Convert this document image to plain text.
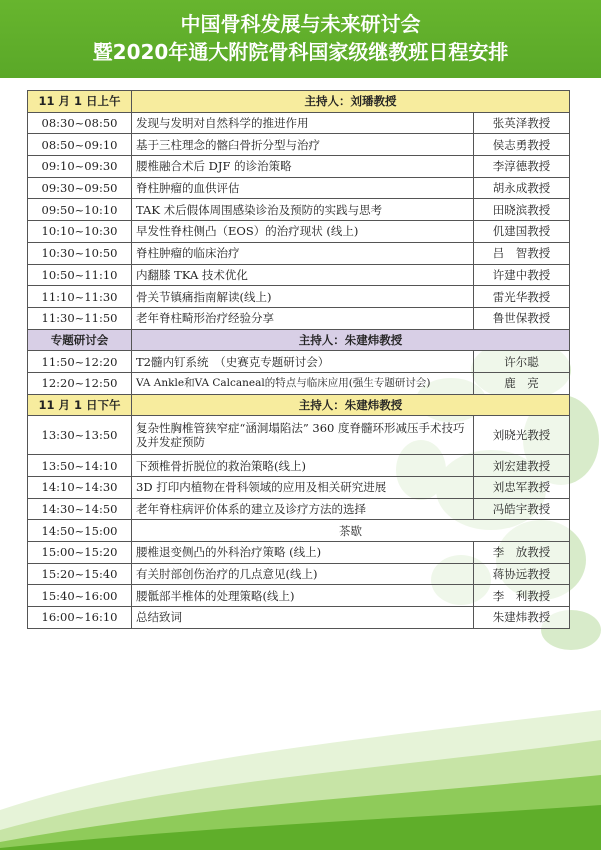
中国骨科发展与未来研讨会
暨2020年通大附院骨科国家级继教班日程安排
11 月 1 日上午	主持人：刘璠教授	
08:30~08:50	发现与发明对自然科学的推进作用	张英泽教授
08:50~09:10	基于三柱理念的髂臼骨折分型与治疗	侯志勇教授
09:10~09:30	腰椎融合术后 DJF 的诊治策略	李淳德教授
09:30~09:50	脊柱肿瘤的血供评估	胡永成教授
09:50~10:10	TAK 术后假体周围感染诊治及预防的实践与思考	田晓滨教授
10:10~10:30	早发性脊柱侧凸（EOS）的治疗现状 (线上)	仉建国教授
10:30~10:50	脊柱肿瘤的临床治疗	吕　智教授
10:50~11:10	内翻膝 TKA 技术优化	许建中教授
11:10~11:30	骨关节镇痛指南解读(线上)	雷光华教授
11:30~11:50	老年脊柱畸形治疗经验分享	鲁世保教授
专题研讨会	主持人：朱建炜教授	
11:50~12:20	T2髓内钉系统　（史赛克专题研讨会）	许尔聪
12:20~12:50	VA Ankle和VA Calcaneal的特点与临床应用(强生专题研讨会)	鹿　亮
11 月 1 日下午	主持人：朱建炜教授	
13:30~13:50	复杂性胸椎管狭窄症“涵洞塌陷法” 360 度脊髓环形减压手术技巧及并发症预防	刘晓光教授
13:50~14:10	下颈椎骨折脱位的救治策略(线上)	刘宏建教授
14:10~14:30	3D 打印内植物在骨科领域的应用及相关研究进展	刘忠军教授
14:30~14:50	老年脊柱病评价体系的建立及诊疗方法的选择	冯皓宇教授
14:50~15:00	茶歇	
15:00~15:20	腰椎退变侧凸的外科治疗策略 (线上)	李　放教授
15:20~15:40	有关肘部创伤治疗的几点意见(线上)	蒋协远教授
15:40~16:00	腰骶部半椎体的处理策略(线上)	李　利教授
16:00~16:10	总结致词	朱建炜教授
